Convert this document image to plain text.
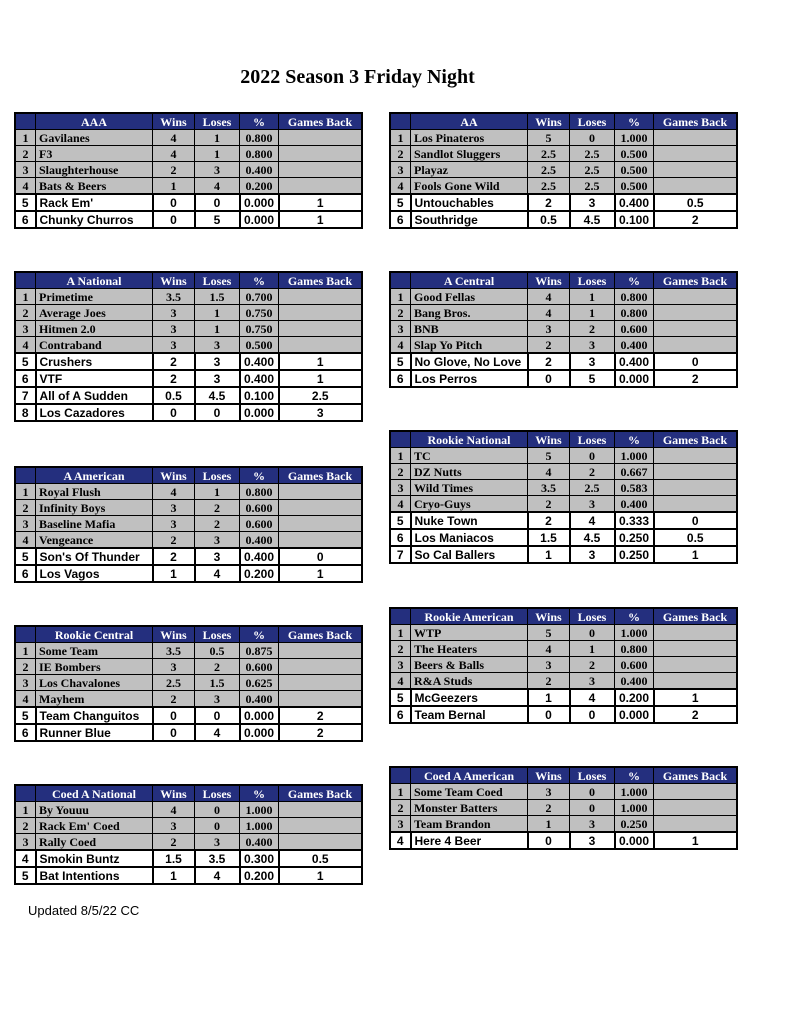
2022 Season 3 Friday Night
	AAA	Wins	Loses	%	Games Back
1	Gavilanes	4	1	0.800	
2	F3	4	1	0.800	
3	Slaughterhouse	2	3	0.400	
4	Bats & Beers	1	4	0.200	
5	Rack Em'	0	0	0.000	1
6	Chunky Churros	0	5	0.000	1
	AA	Wins	Loses	%	Games Back
1	Los Pinateros	5	0	1.000	
2	Sandlot Sluggers	2.5	2.5	0.500	
3	Playaz	2.5	2.5	0.500	
4	Fools Gone Wild	2.5	2.5	0.500	
5	Untouchables	2	3	0.400	0.5
6	Southridge	0.5	4.5	0.100	2
	A National	Wins	Loses	%	Games Back
1	Primetime	3.5	1.5	0.700	
2	Average Joes	3	1	0.750	
3	Hitmen 2.0	3	1	0.750	
4	Contraband	3	3	0.500	
5	Crushers	2	3	0.400	1
6	VTF	2	3	0.400	1
7	All of A Sudden	0.5	4.5	0.100	2.5
8	Los Cazadores	0	0	0.000	3
	A Central	Wins	Loses	%	Games Back
1	Good Fellas	4	1	0.800	
2	Bang Bros.	4	1	0.800	
3	BNB	3	2	0.600	
4	Slap Yo Pitch	2	3	0.400	
5	No Glove, No Love	2	3	0.400	0
6	Los Perros	0	5	0.000	2
	A American	Wins	Loses	%	Games Back
1	Royal Flush	4	1	0.800	
2	Infinity Boys	3	2	0.600	
3	Baseline Mafia	3	2	0.600	
4	Vengeance	2	3	0.400	
5	Son's Of Thunder	2	3	0.400	0
6	Los Vagos	1	4	0.200	1
	Rookie National	Wins	Loses	%	Games Back
1	TC	5	0	1.000	
2	DZ Nutts	4	2	0.667	
3	Wild Times	3.5	2.5	0.583	
4	Cryo-Guys	2	3	0.400	
5	Nuke Town	2	4	0.333	0
6	Los Maniacos	1.5	4.5	0.250	0.5
7	So Cal Ballers	1	3	0.250	1
	Rookie Central	Wins	Loses	%	Games Back
1	Some Team	3.5	0.5	0.875	
2	IE Bombers	3	2	0.600	
3	Los Chavalones	2.5	1.5	0.625	
4	Mayhem	2	3	0.400	
5	Team Changuitos	0	0	0.000	2
6	Runner Blue	0	4	0.000	2
	Rookie American	Wins	Loses	%	Games Back
1	WTP	5	0	1.000	
2	The Heaters	4	1	0.800	
3	Beers & Balls	3	2	0.600	
4	R&A Studs	2	3	0.400	
5	McGeezers	1	4	0.200	1
6	Team Bernal	0	0	0.000	2
	Coed A National	Wins	Loses	%	Games Back
1	By Youuu	4	0	1.000	
2	Rack Em' Coed	3	0	1.000	
3	Rally Coed	2	3	0.400	
4	Smokin Buntz	1.5	3.5	0.300	0.5
5	Bat Intentions	1	4	0.200	1
	Coed A American	Wins	Loses	%	Games Back
1	Some Team Coed	3	0	1.000	
2	Monster Batters	2	0	1.000	
3	Team Brandon	1	3	0.250	
4	Here 4 Beer	0	3	0.000	1
Updated 8/5/22 CC
